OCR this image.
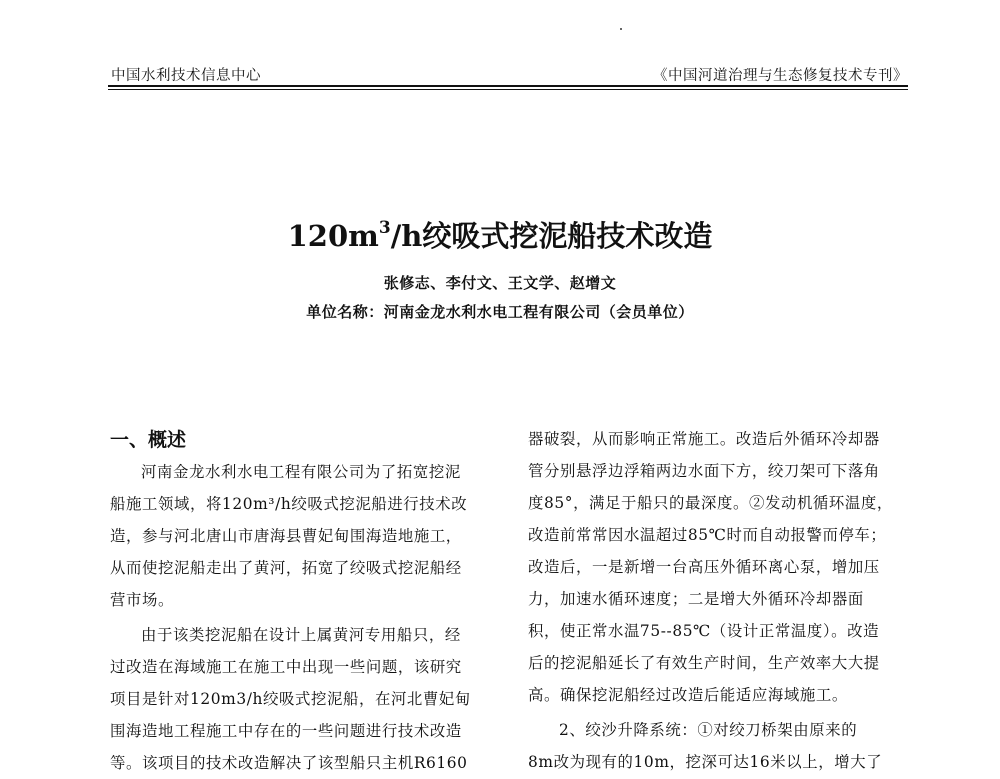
中国水利技术信息中心	《中国河道治理与生态修复技术专刊》
$120m^3/h$绞吸式挖泥船技术改造
张修志、李付文、王文学、赵增文
单位名称：河南金龙水利水电工程有限公司（会员单位）
一、概述
河南金龙水利水电工程有限公司为了拓宽挖泥
船施工领域，将120m³/h绞吸式挖泥船进行技术改
造，参与河北唐山市唐海县曹妃甸围海造地施工，
从而使挖泥船走出了黄河，拓宽了绞吸式挖泥船经
营市场。
由于该类挖泥船在设计上属黄河专用船只，经
过改造在海域施工在施工中出现一些问题，该研究
项目是针对120m3/h绞吸式挖泥船，在河北曹妃甸
围海造地工程施工中存在的一些问题进行技术改造
等。该项目的技术改造解决了该型船只主机R6160
器破裂，从而影响正常施工。改造后外循环冷却器
管分别悬浮边浮箱两边水面下方，绞刀架可下落角
度85°，满足于船只的最深度。②发动机循环温度，
改造前常常因水温超过85℃时而自动报警而停车；
改造后，一是新增一台高压外循环离心泵，增加压
力，加速水循环速度；二是增大外循环冷却器面
积，使正常水温75--85℃（设计正常温度）。改造
后的挖泥船延长了有效生产时间，生产效率大大提
高。确保挖泥船经过改造后能适应海域施工。
2、绞沙升降系统：①对绞刀桥架由原来的
8m改为现有的10m，挖深可达16米以上，增大了
